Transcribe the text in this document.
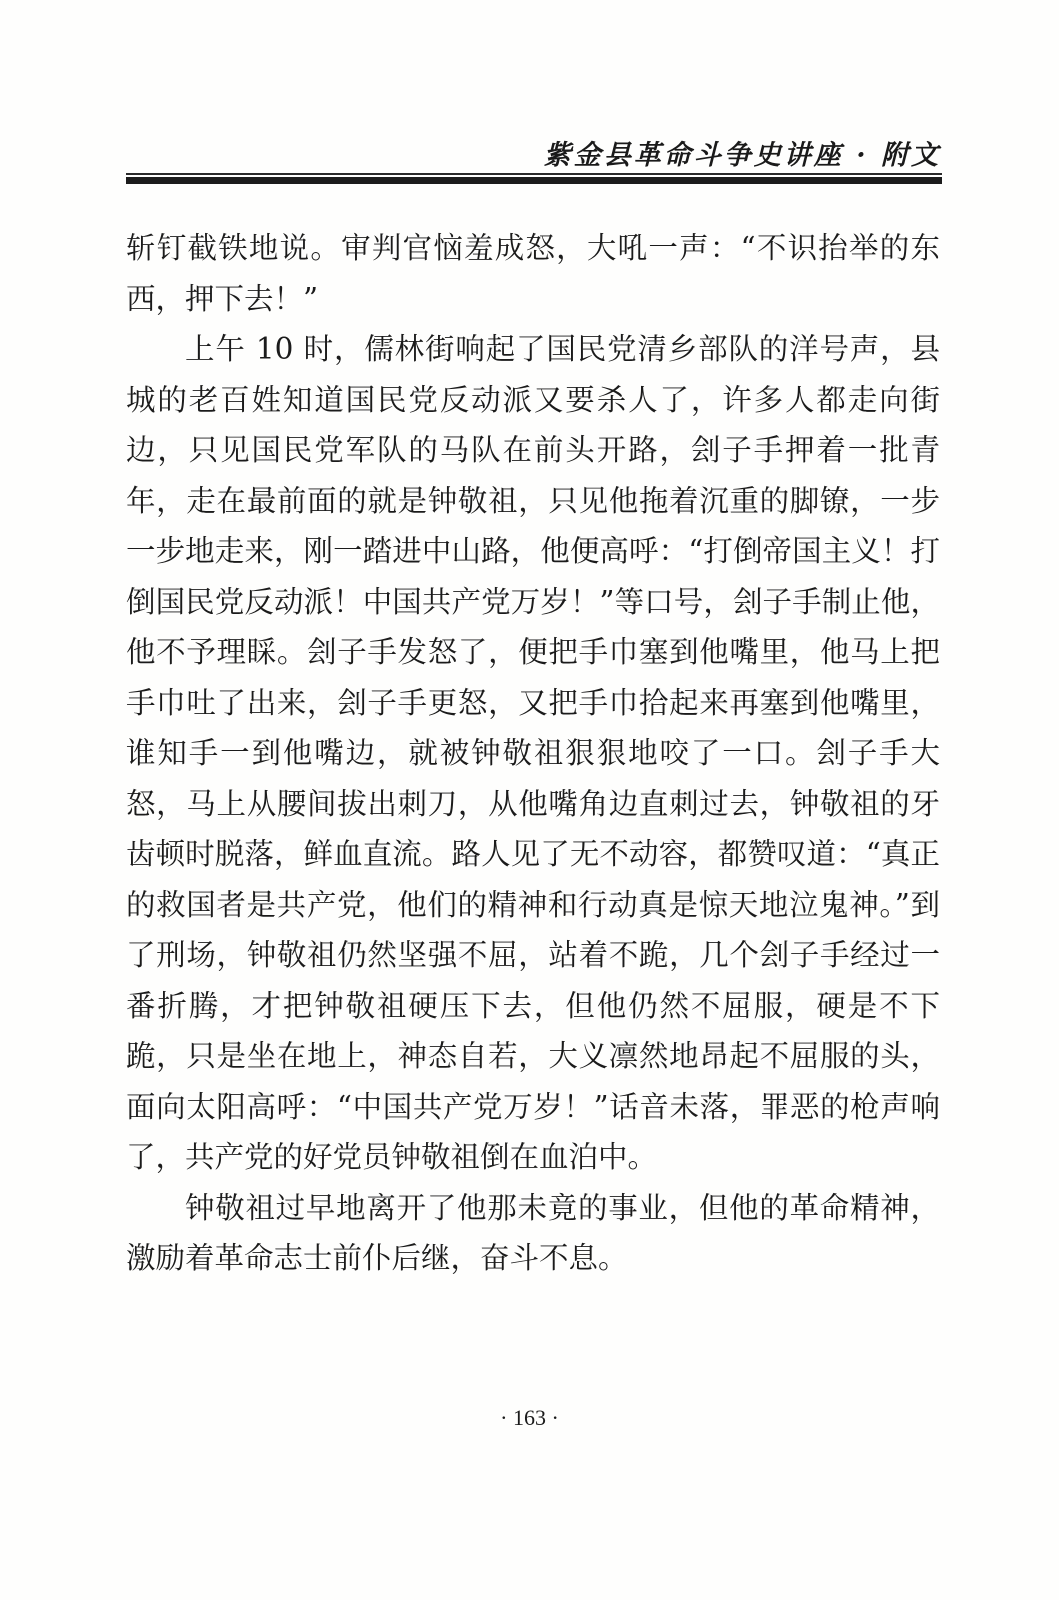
紫金县革命斗争史讲座 · 附文

斩钉截铁地说。审判官恼羞成怒，大吼一声：“不识抬举的东西，押下去！”

上午 10 时，儒林街响起了国民党清乡部队的洋号声，县城的老百姓知道国民党反动派又要杀人了，许多人都走向街边，只见国民党军队的马队在前头开路，刽子手押着一批青年，走在最前面的就是钟敬祖，只见他拖着沉重的脚镣，一步一步地走来，刚一踏进中山路，他便高呼：“打倒帝国主义！打倒国民党反动派！中国共产党万岁！”等口号，刽子手制止他，他不予理睬。刽子手发怒了，便把手巾塞到他嘴里，他马上把手巾吐了出来，刽子手更怒，又把手巾拾起来再塞到他嘴里，谁知手一到他嘴边，就被钟敬祖狠狠地咬了一口。刽子手大怒，马上从腰间拔出刺刀，从他嘴角边直刺过去，钟敬祖的牙齿顿时脱落，鲜血直流。路人见了无不动容，都赞叹道：“真正的救国者是共产党，他们的精神和行动真是惊天地泣鬼神。”到了刑场，钟敬祖仍然坚强不屈，站着不跪，几个刽子手经过一番折腾，才把钟敬祖硬压下去，但他仍然不屈服，硬是不下跪，只是坐在地上，神态自若，大义凛然地昂起不屈服的头，面向太阳高呼：“中国共产党万岁！”话音未落，罪恶的枪声响了，共产党的好党员钟敬祖倒在血泊中。

钟敬祖过早地离开了他那未竟的事业，但他的革命精神，激励着革命志士前仆后继，奋斗不息。

· 163 ·
